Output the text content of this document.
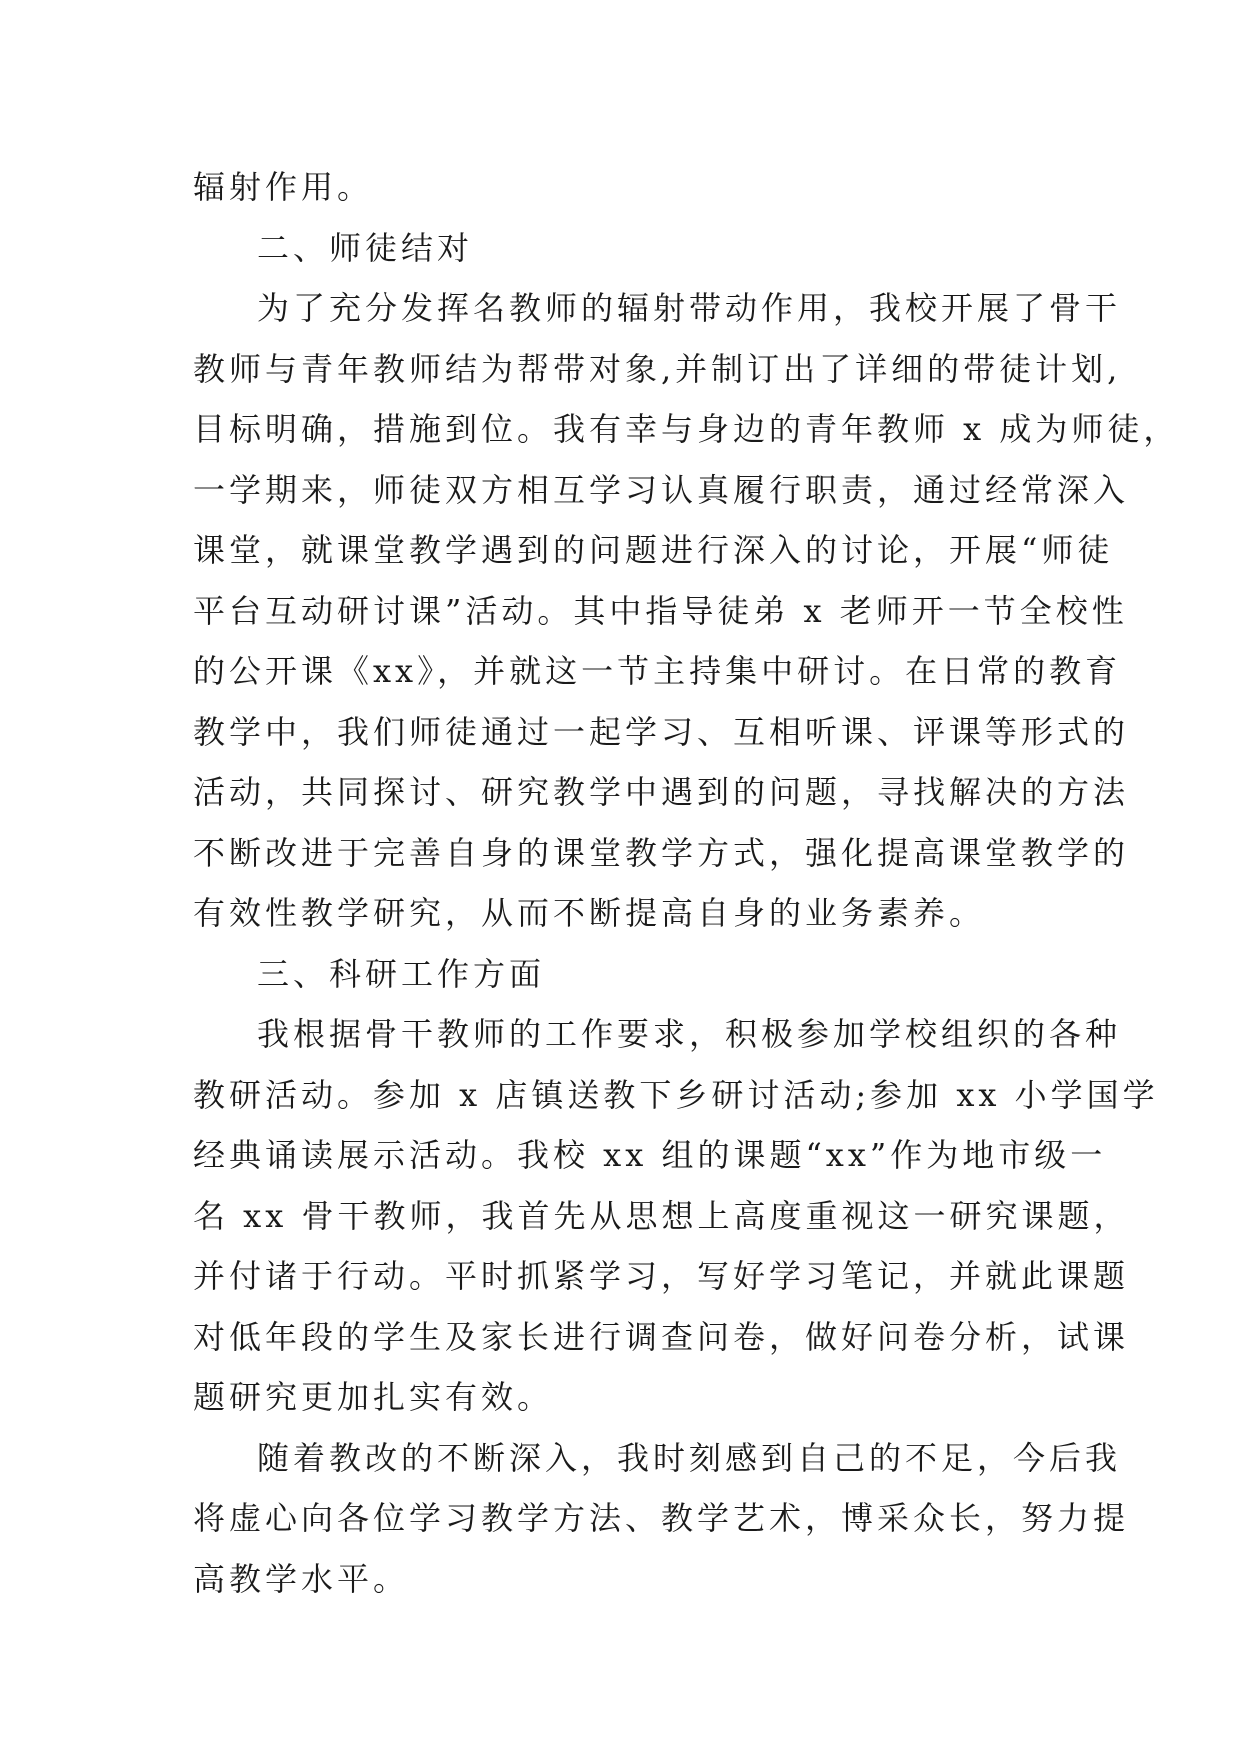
辐射作用。
二、师徒结对
为了充分发挥名教师的辐射带动作用，我校开展了骨干
教师与青年教师结为帮带对象,并制订出了详细的带徒计划,
目标明确，措施到位。我有幸与身边的青年教师 x 成为师徒，
一学期来，师徒双方相互学习认真履行职责，通过经常深入
课堂，就课堂教学遇到的问题进行深入的讨论，开展“师徒
平台互动研讨课”活动。其中指导徒弟 x 老师开一节全校性
的公开课《xx》，并就这一节主持集中研讨。在日常的教育
教学中，我们师徒通过一起学习、互相听课、评课等形式的
活动，共同探讨、研究教学中遇到的问题，寻找解决的方法
不断改进于完善自身的课堂教学方式，强化提高课堂教学的
有效性教学研究，从而不断提高自身的业务素养。
三、科研工作方面
我根据骨干教师的工作要求，积极参加学校组织的各种
教研活动。参加 x 店镇送教下乡研讨活动;参加 xx 小学国学
经典诵读展示活动。我校 xx 组的课题“xx”作为地市级一
名 xx 骨干教师，我首先从思想上高度重视这一研究课题，
并付诸于行动。平时抓紧学习，写好学习笔记，并就此课题
对低年段的学生及家长进行调查问卷，做好问卷分析，试课
题研究更加扎实有效。
随着教改的不断深入，我时刻感到自己的不足，今后我
将虚心向各位学习教学方法、教学艺术，博采众长，努力提
高教学水平。
